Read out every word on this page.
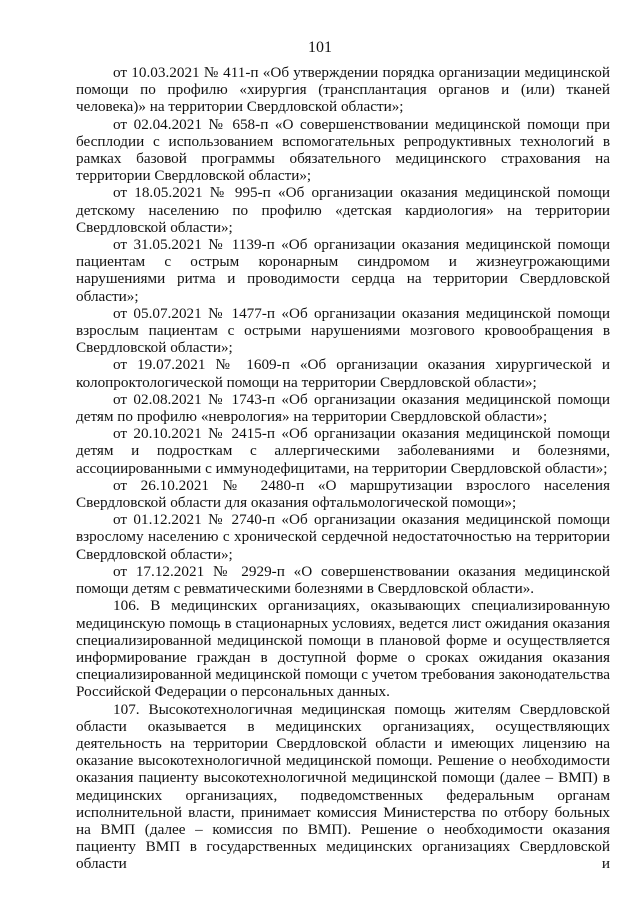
101

от 10.03.2021 № 411-п «Об утверждении порядка организации медицинской помощи по профилю «хирургия (трансплантация органов и (или) тканей человека)» на территории Свердловской области»;

от 02.04.2021 № 658-п «О совершенствовании медицинской помощи при бесплодии с использованием вспомогательных репродуктивных технологий в рамках базовой программы обязательного медицинского страхования на территории Свердловской области»;

от 18.05.2021 № 995-п «Об организации оказания медицинской помощи детскому населению по профилю «детская кардиология» на территории Свердловской области»;

от 31.05.2021 № 1139-п «Об организации оказания медицинской помощи пациентам с острым коронарным синдромом и жизнеугрожающими нарушениями ритма и проводимости сердца на территории Свердловской области»;

от 05.07.2021 № 1477-п «Об организации оказания медицинской помощи взрослым пациентам с острыми нарушениями мозгового кровообращения в Свердловской области»;

от 19.07.2021 № 1609-п «Об организации оказания хирургической и колопроктологической помощи на территории Свердловской области»;

от 02.08.2021 № 1743-п «Об организации оказания медицинской помощи детям по профилю «неврология» на территории Свердловской области»;

от 20.10.2021 № 2415-п «Об организации оказания медицинской помощи детям и подросткам с аллергическими заболеваниями и болезнями, ассоциированными с иммунодефицитами, на территории Свердловской области»;

от 26.10.2021 № 2480-п «О маршрутизации взрослого населения Свердловской области для оказания офтальмологической помощи»;

от 01.12.2021 № 2740-п «Об организации оказания медицинской помощи взрослому населению с хронической сердечной недостаточностью на территории Свердловской области»;

от 17.12.2021 № 2929-п «О совершенствовании оказания медицинской помощи детям с ревматическими болезнями в Свердловской области».

106. В медицинских организациях, оказывающих специализированную медицинскую помощь в стационарных условиях, ведется лист ожидания оказания специализированной медицинской помощи в плановой форме и осуществляется информирование граждан в доступной форме о сроках ожидания оказания специализированной медицинской помощи с учетом требования законодательства Российской Федерации о персональных данных.

107. Высокотехнологичная медицинская помощь жителям Свердловской области оказывается в медицинских организациях, осуществляющих деятельность на территории Свердловской области и имеющих лицензию на оказание высокотехнологичной медицинской помощи. Решение о необходимости оказания пациенту высокотехнологичной медицинской помощи (далее – ВМП) в медицинских организациях, подведомственных федеральным органам исполнительной власти, принимает комиссия Министерства по отбору больных на ВМП (далее – комиссия по ВМП). Решение о необходимости оказания пациенту ВМП в государственных медицинских организациях Свердловской области и
